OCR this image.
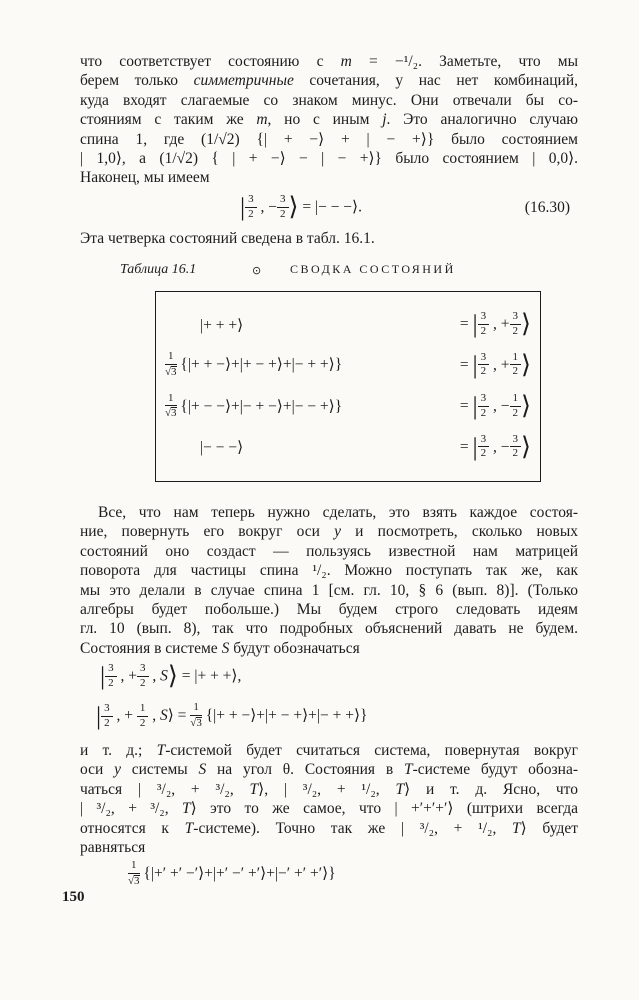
что соответствует состоянию с m = −¹/₂. Заметьте, что мы
берем только симметричные сочетания, у нас нет комбинаций,
куда входят слагаемые со знаком минус. Они отвечали бы со-
стояниям с таким же m, но с иным j. Это аналогично случаю
спина 1, где (1/√2) {| + −⟩ + | − +⟩} было состоянием
| 1,0⟩, а (1/√2) { | + −⟩ − | − +⟩} было состоянием | 0,0⟩.
Наконец, мы имеем
| $\frac{3}{2}$ , − $\frac{3}{2}$ ⟩ = |− − −⟩.	(16.30)
Эта четверка состояний сведена в табл. 16.1.
Таблица 16.1	⊙ СВОДКА СОСТОЯНИЙ
|+ + +⟩	= | $\frac{3}{2}$ , + $\frac{3}{2}$ ⟩
$\frac{1}{√3}$ {|+ + −⟩+|+ − +⟩+|− + +⟩}	= | $\frac{3}{2}$ , + $\frac{1}{2}$ ⟩
$\frac{1}{√3}$ {|+ − −⟩+|− + −⟩+|− − +⟩}	= | $\frac{3}{2}$ , − $\frac{1}{2}$ ⟩
|− − −⟩	= | $\frac{3}{2}$ , − $\frac{3}{2}$ ⟩
Все, что нам теперь нужно сделать, это взять каждое состоя-
ние, повернуть его вокруг оси y и посмотреть, сколько новых
состояний оно создаст — пользуясь известной нам матрицей
поворота для частицы спина ¹/₂. Можно поступать так же, как
мы это делали в случае спина 1 [см. гл. 10, § 6 (вып. 8)]. (Только
алгебры будет побольше.) Мы будем строго следовать идеям
гл. 10 (вып. 8), так что подробных объяснений давать не будем.
Состояния в системе S будут обозначаться
| $\frac{3}{2}$ , + $\frac{3}{2}$ , S⟩ = |+ + +⟩,
| $\frac{3}{2}$ , + $\frac{1}{2}$ , S⟩ = $\frac{1}{√3}$ {|+ + −⟩+|+ − +⟩+|− + +⟩}
и т. д.; T-системой будет считаться система, повернутая вокруг
оси y системы S на угол θ. Состояния в T-системе будут обозна-
чаться | ³/₂, + ³/₂, T⟩, | ³/₂, + ¹/₂, T⟩ и т. д. Ясно, что
| ³/₂, + ³/₂, T⟩ это то же самое, что | +′+′+′⟩ (штрихи всегда
относятся к T-системе). Точно так же | ³/₂, + ¹/₂, T⟩ будет
равняться
$\frac{1}{√3}$ {|+′ +′ −′⟩+|+′ −′ +′⟩+|−′ +′ +′⟩}
150
